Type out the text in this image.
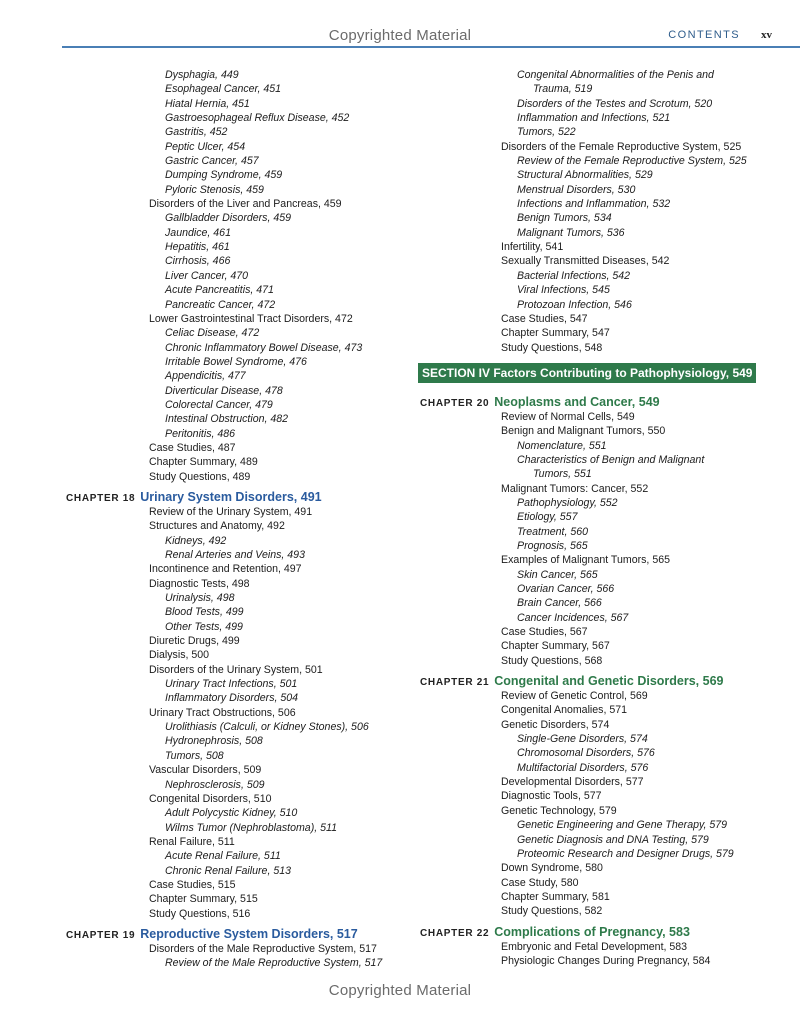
Copyrighted Material	CONTENTS xv
Dysphagia, 449
Esophageal Cancer, 451
Hiatal Hernia, 451
Gastroesophageal Reflux Disease, 452
Gastritis, 452
Peptic Ulcer, 454
Gastric Cancer, 457
Dumping Syndrome, 459
Pyloric Stenosis, 459
Disorders of the Liver and Pancreas, 459
Gallbladder Disorders, 459
Jaundice, 461
Hepatitis, 461
Cirrhosis, 466
Liver Cancer, 470
Acute Pancreatitis, 471
Pancreatic Cancer, 472
Lower Gastrointestinal Tract Disorders, 472
Celiac Disease, 472
Chronic Inflammatory Bowel Disease, 473
Irritable Bowel Syndrome, 476
Appendicitis, 477
Diverticular Disease, 478
Colorectal Cancer, 479
Intestinal Obstruction, 482
Peritonitis, 486
Case Studies, 487
Chapter Summary, 489
Study Questions, 489
CHAPTER 18 Urinary System Disorders, 491
Review of the Urinary System, 491
Structures and Anatomy, 492
Kidneys, 492
Renal Arteries and Veins, 493
Incontinence and Retention, 497
Diagnostic Tests, 498
Urinalysis, 498
Blood Tests, 499
Other Tests, 499
Diuretic Drugs, 499
Dialysis, 500
Disorders of the Urinary System, 501
Urinary Tract Infections, 501
Inflammatory Disorders, 504
Urinary Tract Obstructions, 506
Urolithiasis (Calculi, or Kidney Stones), 506
Hydronephrosis, 508
Tumors, 508
Vascular Disorders, 509
Nephrosclerosis, 509
Congenital Disorders, 510
Adult Polycystic Kidney, 510
Wilms Tumor (Nephroblastoma), 511
Renal Failure, 511
Acute Renal Failure, 511
Chronic Renal Failure, 513
Case Studies, 515
Chapter Summary, 515
Study Questions, 516
CHAPTER 19 Reproductive System Disorders, 517
Disorders of the Male Reproductive System, 517
Review of the Male Reproductive System, 517
Congenital Abnormalities of the Penis and
Trauma, 519
Disorders of the Testes and Scrotum, 520
Inflammation and Infections, 521
Tumors, 522
Disorders of the Female Reproductive System, 525
Review of the Female Reproductive System, 525
Structural Abnormalities, 529
Menstrual Disorders, 530
Infections and Inflammation, 532
Benign Tumors, 534
Malignant Tumors, 536
Infertility, 541
Sexually Transmitted Diseases, 542
Bacterial Infections, 542
Viral Infections, 545
Protozoan Infection, 546
Case Studies, 547
Chapter Summary, 547
Study Questions, 548
SECTION IV Factors Contributing to Pathophysiology, 549
CHAPTER 20 Neoplasms and Cancer, 549
Review of Normal Cells, 549
Benign and Malignant Tumors, 550
Nomenclature, 551
Characteristics of Benign and Malignant
Tumors, 551
Malignant Tumors: Cancer, 552
Pathophysiology, 552
Etiology, 557
Treatment, 560
Prognosis, 565
Examples of Malignant Tumors, 565
Skin Cancer, 565
Ovarian Cancer, 566
Brain Cancer, 566
Cancer Incidences, 567
Case Studies, 567
Chapter Summary, 567
Study Questions, 568
CHAPTER 21 Congenital and Genetic Disorders, 569
Review of Genetic Control, 569
Congenital Anomalies, 571
Genetic Disorders, 574
Single-Gene Disorders, 574
Chromosomal Disorders, 576
Multifactorial Disorders, 576
Developmental Disorders, 577
Diagnostic Tools, 577
Genetic Technology, 579
Genetic Engineering and Gene Therapy, 579
Genetic Diagnosis and DNA Testing, 579
Proteomic Research and Designer Drugs, 579
Down Syndrome, 580
Case Study, 580
Chapter Summary, 581
Study Questions, 582
CHAPTER 22 Complications of Pregnancy, 583
Embryonic and Fetal Development, 583
Physiologic Changes During Pregnancy, 584
Copyrighted Material
